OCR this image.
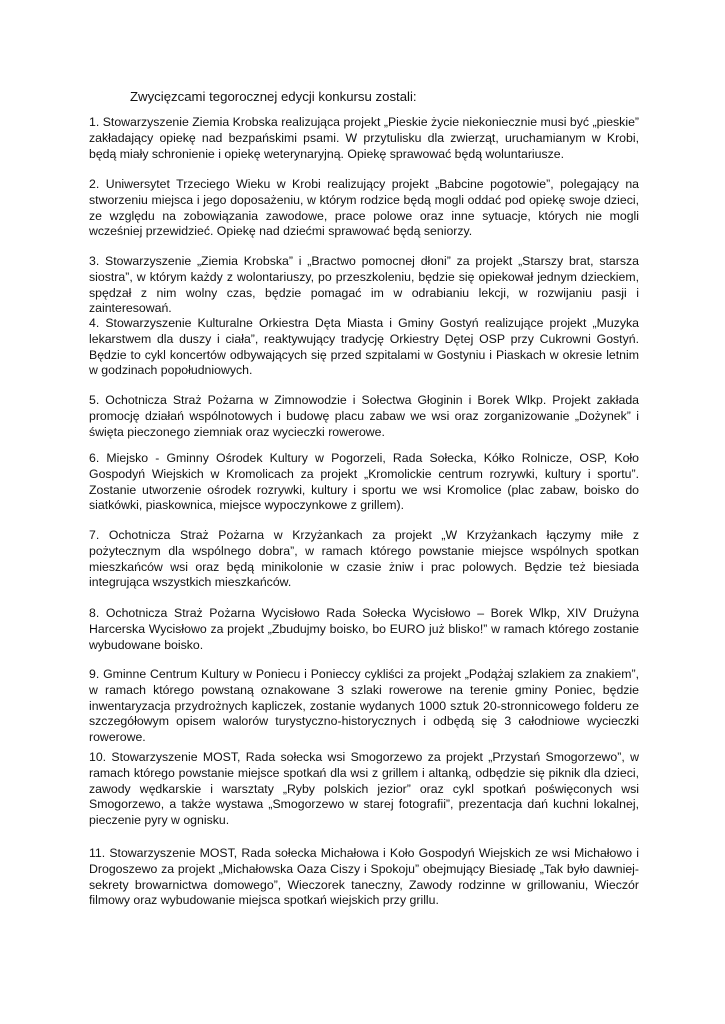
Zwycięzcami tegorocznej edycji konkursu zostali:

1. Stowarzyszenie Ziemia Krobska realizująca projekt „Pieskie życie niekoniecznie musi być „pieskie” zakładający opiekę nad bezpańskimi psami. W przytulisku dla zwierząt, uruchamianym w Krobi, będą miały schronienie i opiekę weterynaryjną. Opiekę sprawować będą woluntariusze.

2. Uniwersytet Trzeciego Wieku w Krobi realizujący projekt „Babcine pogotowie”, polegający na stworzeniu miejsca i jego doposażeniu, w którym rodzice będą mogli oddać pod opiekę swoje dzieci, ze względu na zobowiązania zawodowe, prace polowe oraz inne sytuacje, których nie mogli wcześniej przewidzieć. Opiekę nad dziećmi sprawować będą seniorzy.

3. Stowarzyszenie „Ziemia Krobska” i „Bractwo pomocnej dłoni” za projekt „Starszy brat, starsza siostra”, w którym każdy z wolontariuszy, po przeszkoleniu, będzie się opiekował jednym dzieckiem, spędzał z nim wolny czas, będzie pomagać im w odrabianiu lekcji, w rozwijaniu pasji i zainteresowań.

4. Stowarzyszenie Kulturalne Orkiestra Dęta Miasta i Gminy Gostyń realizujące projekt „Muzyka lekarstwem dla duszy i ciała”, reaktywujący tradycję Orkiestry Dętej OSP przy Cukrowni Gostyń. Będzie to cykl koncertów odbywających się przed szpitalami w Gostyniu i Piaskach w okresie letnim w godzinach popołudniowych.

5. Ochotnicza Straż Pożarna w Zimnowodzie i Sołectwa Głoginin i Borek Wlkp. Projekt zakłada promocję działań wspólnotowych i budowę placu zabaw we wsi oraz zorganizowanie „Dożynek” i święta pieczonego ziemniak oraz wycieczki rowerowe.

6. Miejsko - Gminny Ośrodek Kultury w Pogorzeli, Rada Sołecka, Kółko Rolnicze, OSP, Koło Gospodyń Wiejskich w Kromolicach za projekt „Kromolickie centrum rozrywki, kultury i sportu”. Zostanie utworzenie ośrodek rozrywki, kultury i sportu we wsi Kromolice (plac zabaw, boisko do siatkówki, piaskownica, miejsce wypoczynkowe z grillem).

7. Ochotnicza Straż Pożarna w Krzyżankach za projekt „W Krzyżankach łączymy miłe z pożytecznym dla wspólnego dobra”, w ramach którego powstanie miejsce wspólnych spotkan mieszkańców wsi oraz będą minikolonie w czasie żniw i prac polowych. Będzie też biesiada integrująca wszystkich mieszkańców.

8. Ochotnicza Straż Pożarna Wycisłowo Rada Sołecka Wycisłowo – Borek Wlkp, XIV Drużyna Harcerska Wycisłowo za projekt „Zbudujmy boisko, bo EURO już blisko!” w ramach którego zostanie wybudowane boisko.

9. Gminne Centrum Kultury w Poniecu i Ponieccy cykliści za projekt „Podążaj szlakiem za znakiem”, w ramach którego powstaną oznakowane 3 szlaki rowerowe na terenie gminy Poniec, będzie inwentaryzacja przydrożnych kapliczek, zostanie wydanych 1000 sztuk 20-stronnicowego folderu ze szczegółowym opisem walorów turystyczno-historycznych i odbędą się 3 całodniowe wycieczki rowerowe.

10. Stowarzyszenie MOST, Rada sołecka wsi Smogorzewo za projekt „Przystań Smogorzewo”, w ramach którego powstanie miejsce spotkań dla wsi z grillem i altanką, odbędzie się piknik dla dzieci, zawody wędkarskie i warsztaty „Ryby polskich jezior” oraz cykl spotkań poświęconych wsi Smogorzewo, a także wystawa „Smogorzewo w starej fotografii”, prezentacja dań kuchni lokalnej, pieczenie pyry w ognisku.

11. Stowarzyszenie MOST, Rada sołecka Michałowa i Koło Gospodyń Wiejskich ze wsi Michałowo i Drogoszewo za projekt „Michałowska Oaza Ciszy i Spokoju” obejmujący Biesiadę „Tak było dawniej- sekrety browarnictwa domowego”, Wieczorek taneczny, Zawody rodzinne w grillowaniu, Wieczór filmowy oraz wybudowanie miejsca spotkań wiejskich przy grillu.
